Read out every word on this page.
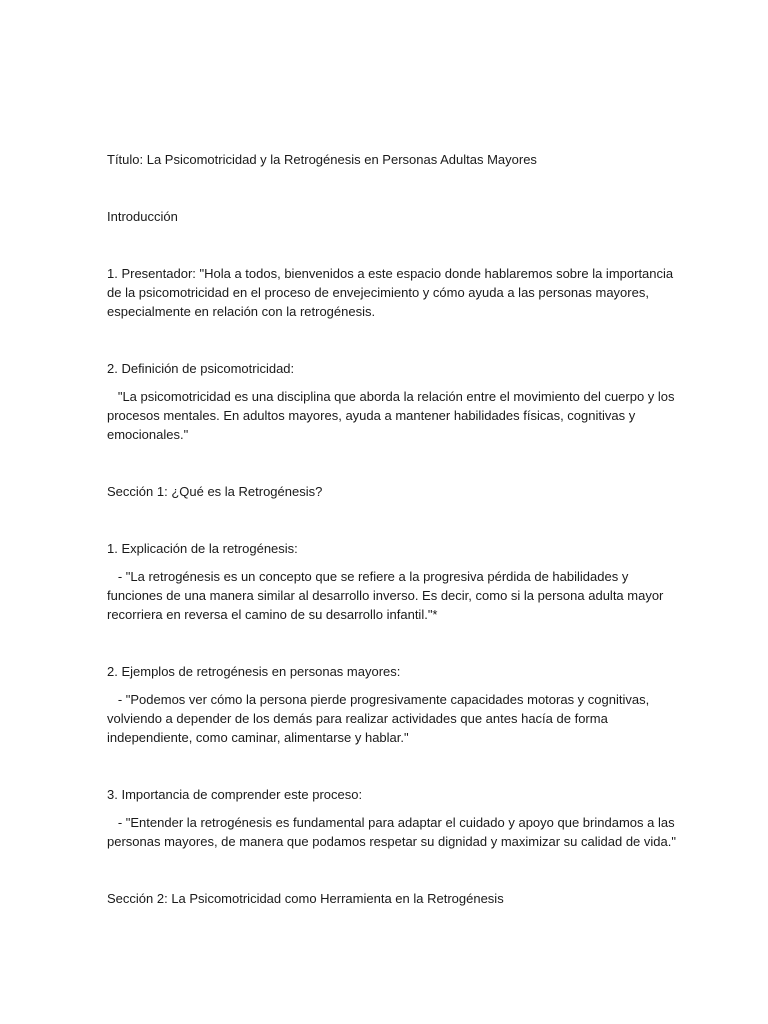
Título: La Psicomotricidad y la Retrogénesis en Personas Adultas Mayores

Introducción

1. Presentador: "Hola a todos, bienvenidos a este espacio donde hablaremos sobre la importancia

de la psicomotricidad en el proceso de envejecimiento y cómo ayuda a las personas mayores,

especialmente en relación con la retrogénesis.

2. Definición de psicomotricidad:

"La psicomotricidad es una disciplina que aborda la relación entre el movimiento del cuerpo y los

procesos mentales. En adultos mayores, ayuda a mantener habilidades físicas, cognitivas y

emocionales."

Sección 1: ¿Qué es la Retrogénesis?

1. Explicación de la retrogénesis:

- "La retrogénesis es un concepto que se refiere a la progresiva pérdida de habilidades y

funciones de una manera similar al desarrollo inverso. Es decir, como si la persona adulta mayor

recorriera en reversa el camino de su desarrollo infantil."*

2. Ejemplos de retrogénesis en personas mayores:

- "Podemos ver cómo la persona pierde progresivamente capacidades motoras y cognitivas,

volviendo a depender de los demás para realizar actividades que antes hacía de forma

independiente, como caminar, alimentarse y hablar."

3. Importancia de comprender este proceso:

- "Entender la retrogénesis es fundamental para adaptar el cuidado y apoyo que brindamos a las

personas mayores, de manera que podamos respetar su dignidad y maximizar su calidad de vida."

Sección 2: La Psicomotricidad como Herramienta en la Retrogénesis
